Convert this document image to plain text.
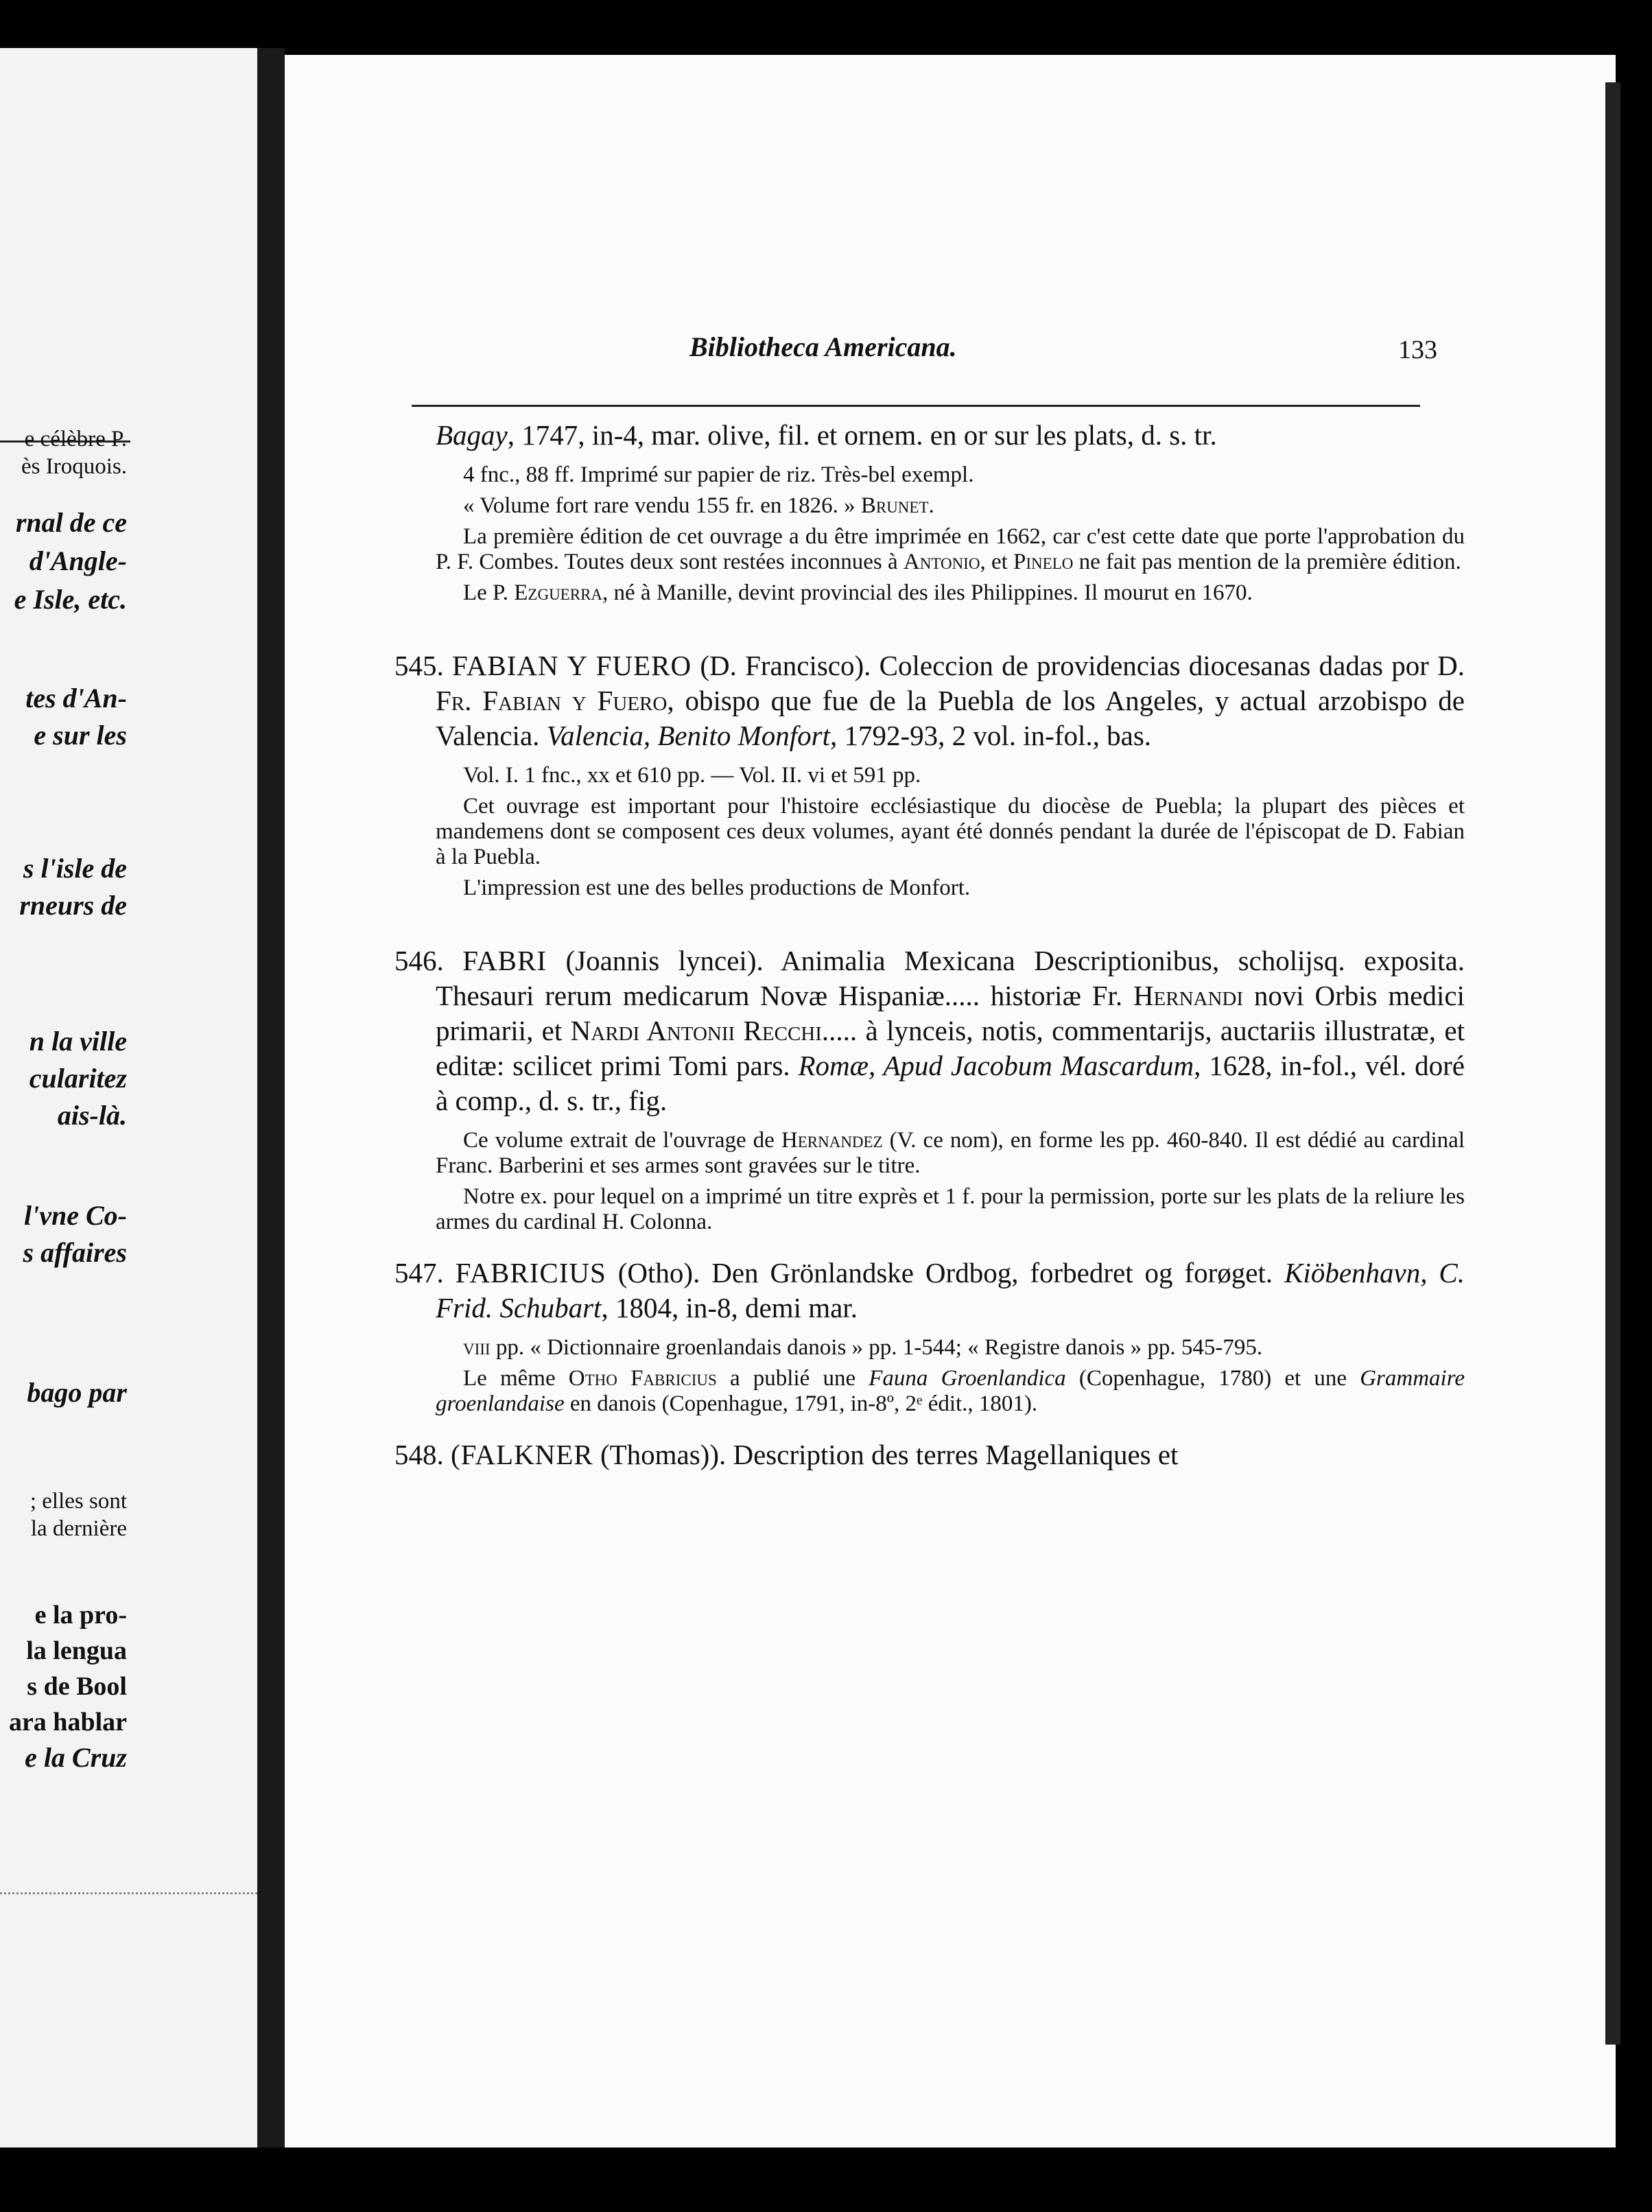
e célèbre P.
ès Iroquois.
rnal de ce
d'Angle-
e Isle, etc.
tes d'An-
e sur les
s l'isle de
rneurs de
n la ville
cularitez
ais-là.
l'vne Co-
s affaires
bago par
; elles sont
la dernière
e la pro-
la lengua
s de Bool
ara hablar
e la Cruz
Bibliotheca Americana.	133

Bagay, 1747, in-4, mar. olive, fil. et ornem. en or sur les plats, d. s. tr.

4 fnc., 88 ff. Imprimé sur papier de riz. Très-bel exempl.

« Volume fort rare vendu 155 fr. en 1826. » Brunet.

La première édition de cet ouvrage a du être imprimée en 1662, car c'est cette date que porte l'approbation du P. F. Combes. Toutes deux sont restées inconnues à Antonio, et Pinelo ne fait pas mention de la première édition.

Le P. Ezguerra, né à Manille, devint provincial des iles Philippines. Il mourut en 1670.

545. FABIAN Y FUERO (D. Francisco). Coleccion de providencias diocesanas dadas por D. Fr. Fabian y Fuero, obispo que fue de la Puebla de los Angeles, y actual arzobispo de Valencia. Valencia, Benito Monfort, 1792-93, 2 vol. in-fol., bas.

Vol. I. 1 fnc., xx et 610 pp. — Vol. II. vi et 591 pp.

Cet ouvrage est important pour l'histoire ecclésiastique du diocèse de Puebla; la plupart des pièces et mandemens dont se composent ces deux volumes, ayant été donnés pendant la durée de l'épiscopat de D. Fabian à la Puebla.

L'impression est une des belles productions de Monfort.

546. FABRI (Joannis lyncei). Animalia Mexicana Descriptionibus, scholijsq. exposita. Thesauri rerum medicarum Novæ Hispaniæ..... historiæ Fr. Hernandi novi Orbis medici primarii, et Nardi Antonii Recchi..... à lynceis, notis, commentarijs, auctariis illustratæ, et editæ: scilicet primi Tomi pars. Romæ, Apud Jacobum Mascardum, 1628, in-fol., vél. doré à comp., d. s. tr., fig.

Ce volume extrait de l'ouvrage de Hernandez (V. ce nom), en forme les pp. 460-840. Il est dédié au cardinal Franc. Barberini et ses armes sont gravées sur le titre.

Notre ex. pour lequel on a imprimé un titre exprès et 1 f. pour la permission, porte sur les plats de la reliure les armes du cardinal H. Colonna.

547. FABRICIUS (Otho). Den Grönlandske Ordbog, forbedret og forøget. Kiöbenhavn, C. Frid. Schubart, 1804, in-8, demi mar.

viii pp. « Dictionnaire groenlandais danois » pp. 1-544; « Registre danois » pp. 545-795.

Le même Otho Fabricius a publié une Fauna Groenlandica (Copenhague, 1780) et une Grammaire groenlandaise en danois (Copenhague, 1791, in-8º, 2ᵉ édit., 1801).

548. (FALKNER (Thomas)). Description des terres Magellaniques et
